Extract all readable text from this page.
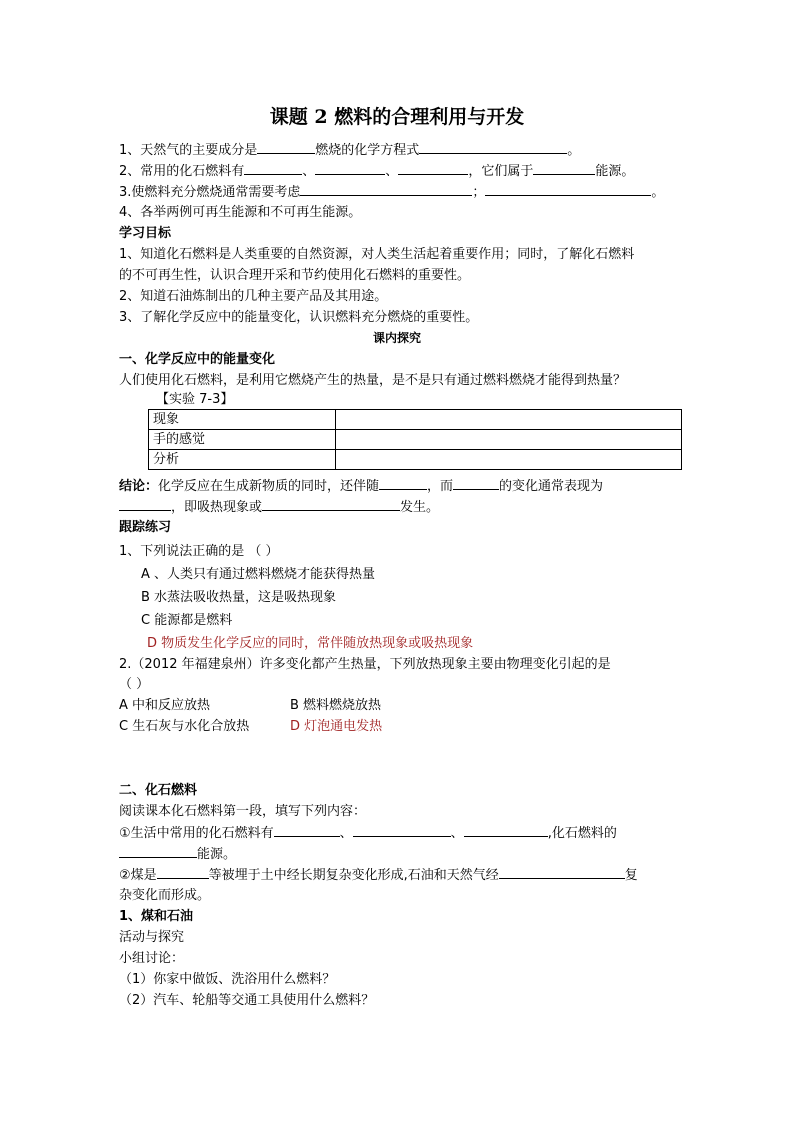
课题 2 燃料的合理利用与开发
1、天然气的主要成分是	燃烧的化学方程式	。
2、常用的化石燃料有	、	、	，它们属于	能源。
3.使燃料充分燃烧通常需要考虑	；	。
4、各举两例可再生能源和不可再生能源。
学习目标
1、知道化石燃料是人类重要的自然资源，对人类生活起着重要作用；同时，了解化石燃料
的不可再生性，认识合理开采和节约使用化石燃料的重要性。
2、知道石油炼制出的几种主要产品及其用途。
3、了解化学反应中的能量变化，认识燃料充分燃烧的重要性。
课内探究
一、化学反应中的能量变化
人们使用化石燃料，是利用它燃烧产生的热量，是不是只有通过燃料燃烧才能得到热量？
【实验 7-3】
现象	
手的感觉	
分析	
结论：化学反应在生成新物质的同时，还伴随	，而	的变化通常表现为
，即吸热现象或	发生。
跟踪练习
1、下列说法正确的是 （ ）
A 、人类只有通过燃料燃烧才能获得热量
B 水蒸法吸收热量，这是吸热现象
C 能源都是燃料
D 物质发生化学反应的同时，常伴随放热现象或吸热现象
2.（2012 年福建泉州）许多变化都产生热量，下列放热现象主要由物理变化引起的是
（ ）
A 中和反应放热	B 燃料燃烧放热
C 生石灰与水化合放热	D 灯泡通电发热
二、化石燃料
阅读课本化石燃料第一段，填写下列内容：
①生活中常用的化石燃料有	、	、	,化石燃料的
能源。
②煤是	等被埋于土中经长期复杂变化形成,石油和天然气经	复
杂变化而形成。
1、煤和石油
活动与探究
小组讨论：
（1）你家中做饭、洗浴用什么燃料？
（2）汽车、轮船等交通工具使用什么燃料？
